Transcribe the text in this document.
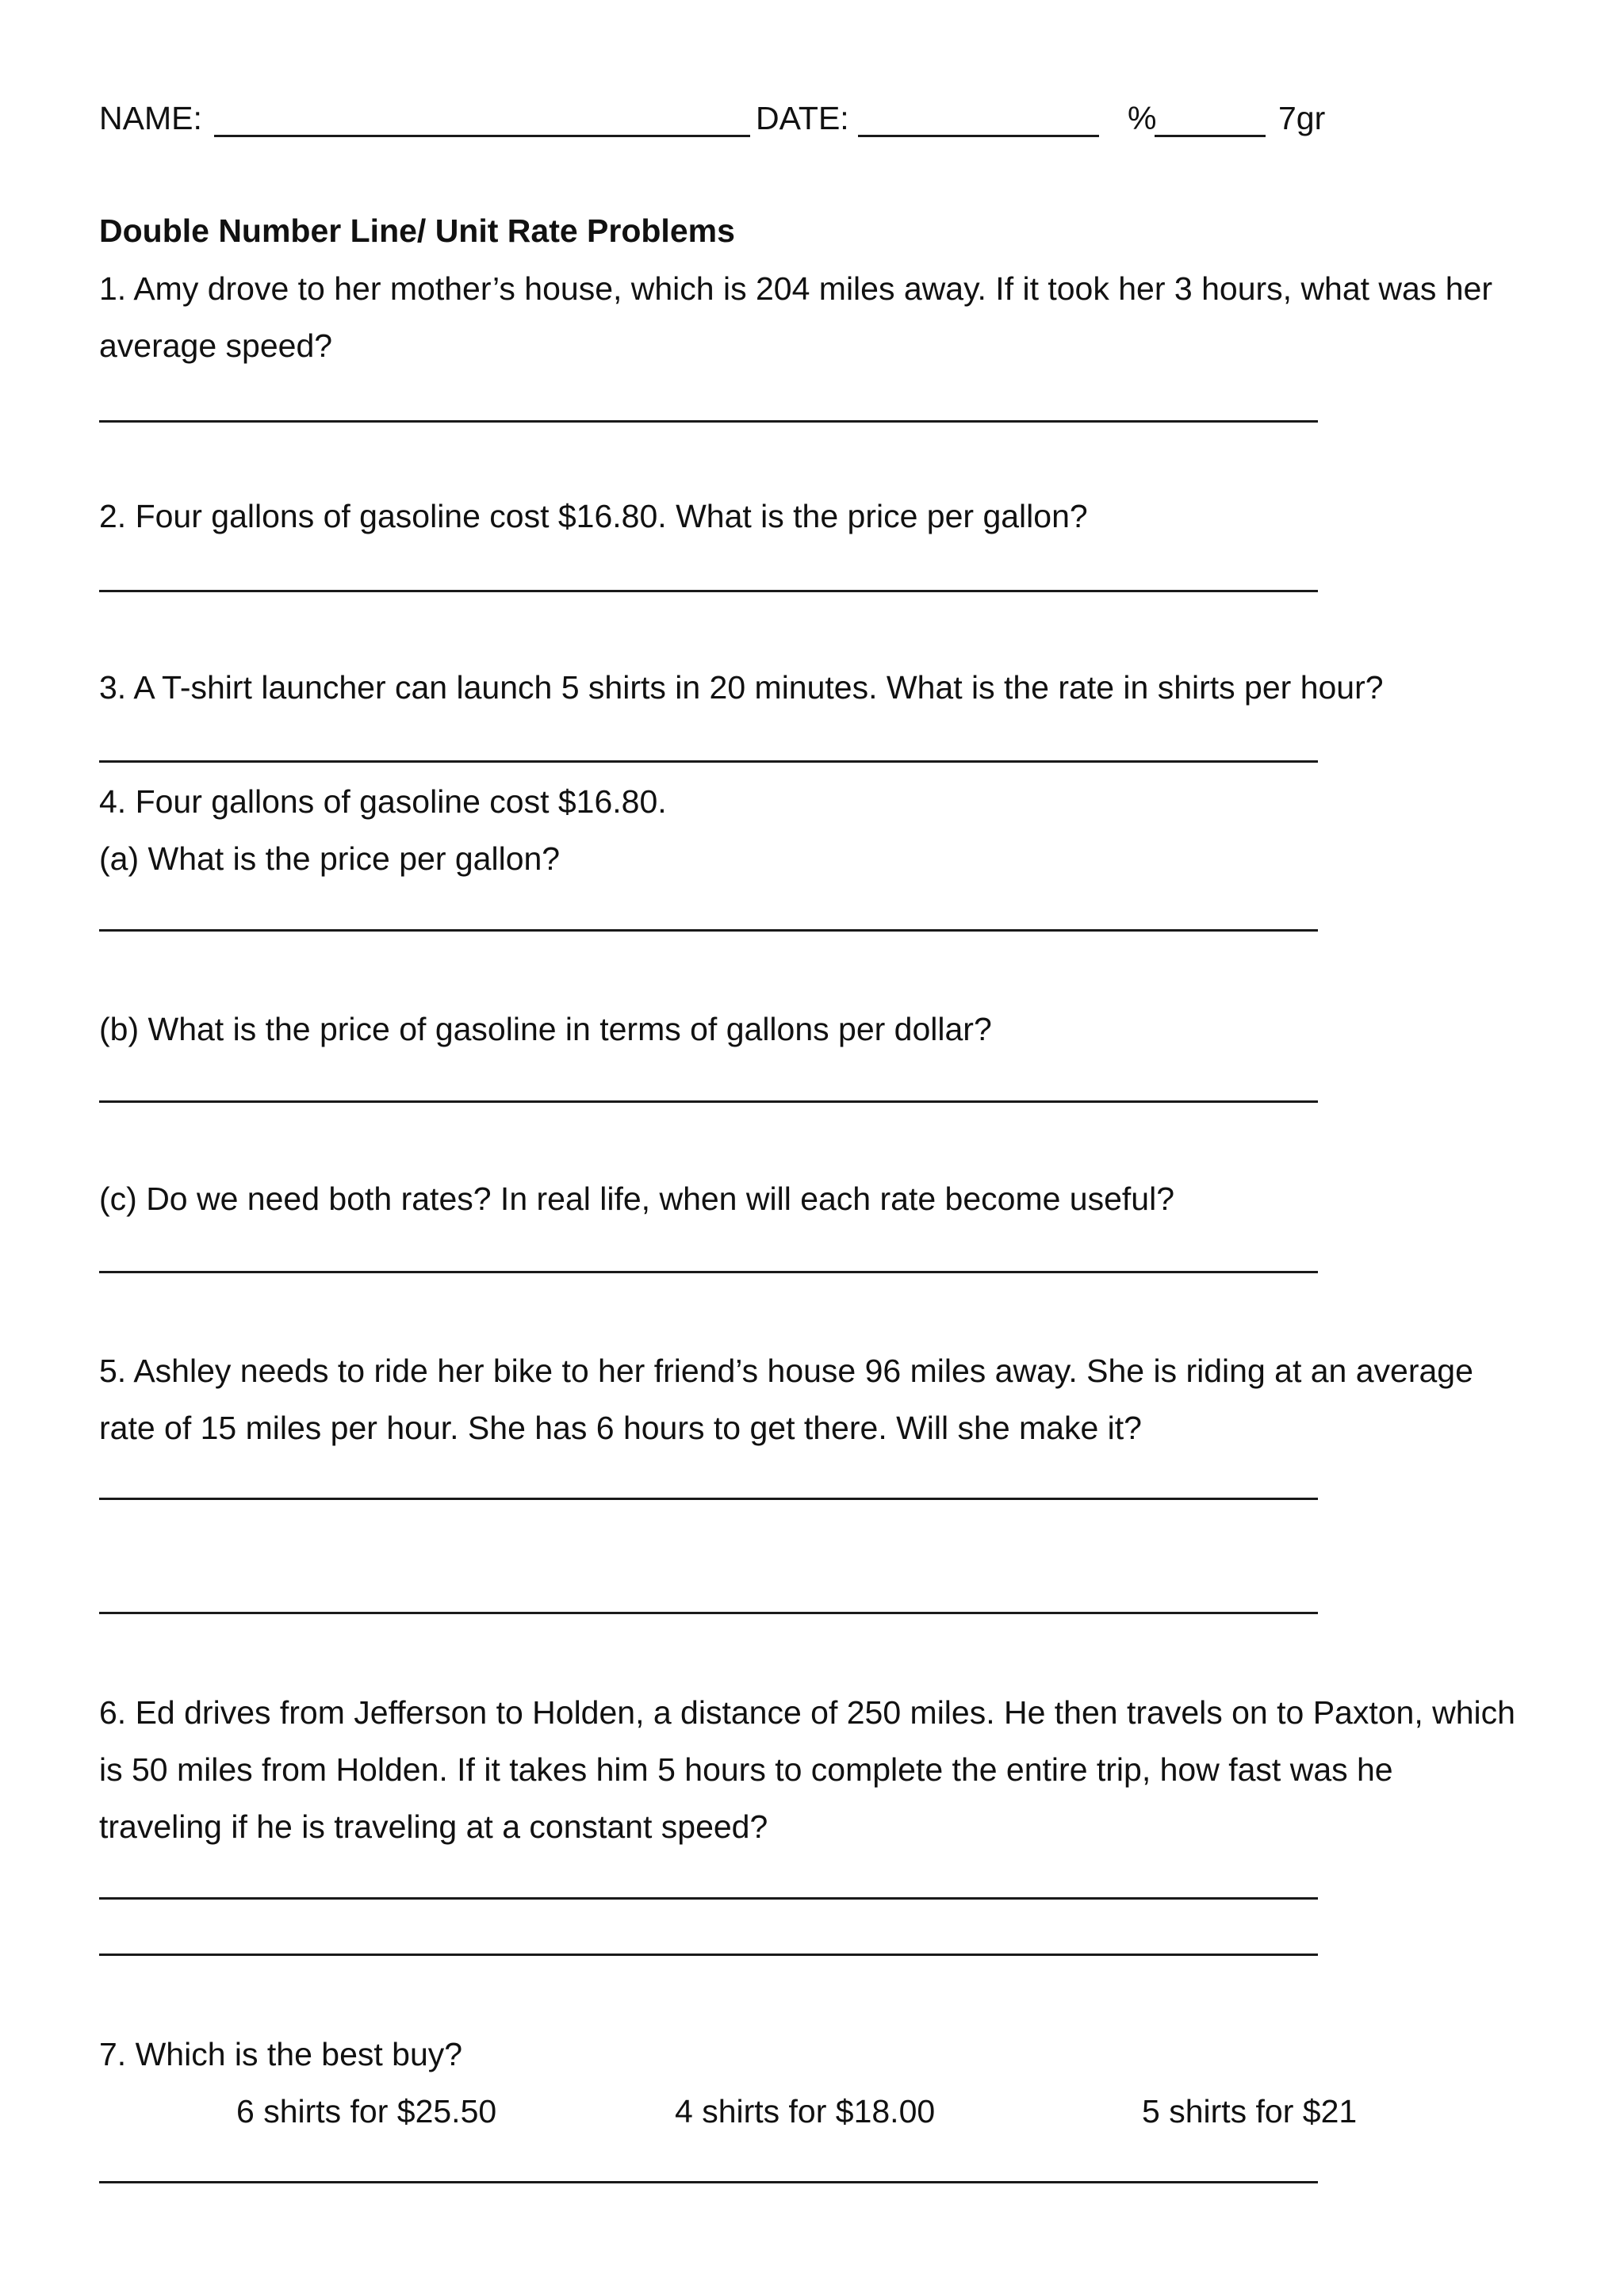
NAME:	DATE:	%	7gr
Double Number Line/ Unit Rate Problems
1. Amy drove to her mother’s house, which is 204 miles away. If it took her 3 hours, what was her
average speed?
2. Four gallons of gasoline cost $16.80. What is the price per gallon?
3. A T-shirt launcher can launch 5 shirts in 20 minutes. What is the rate in shirts per hour?
4. Four gallons of gasoline cost $16.80.
(a) What is the price per gallon?
(b) What is the price of gasoline in terms of gallons per dollar?
(c) Do we need both rates? In real life, when will each rate become useful?
5. Ashley needs to ride her bike to her friend’s house 96 miles away. She is riding at an average
rate of 15 miles per hour. She has 6 hours to get there. Will she make it?
6. Ed drives from Jefferson to Holden, a distance of 250 miles. He then travels on to Paxton, which
is 50 miles from Holden. If it takes him 5 hours to complete the entire trip, how fast was he
traveling if he is traveling at a constant speed?
7. Which is the best buy?
6 shirts for $25.50	4 shirts for $18.00	5 shirts for $21
